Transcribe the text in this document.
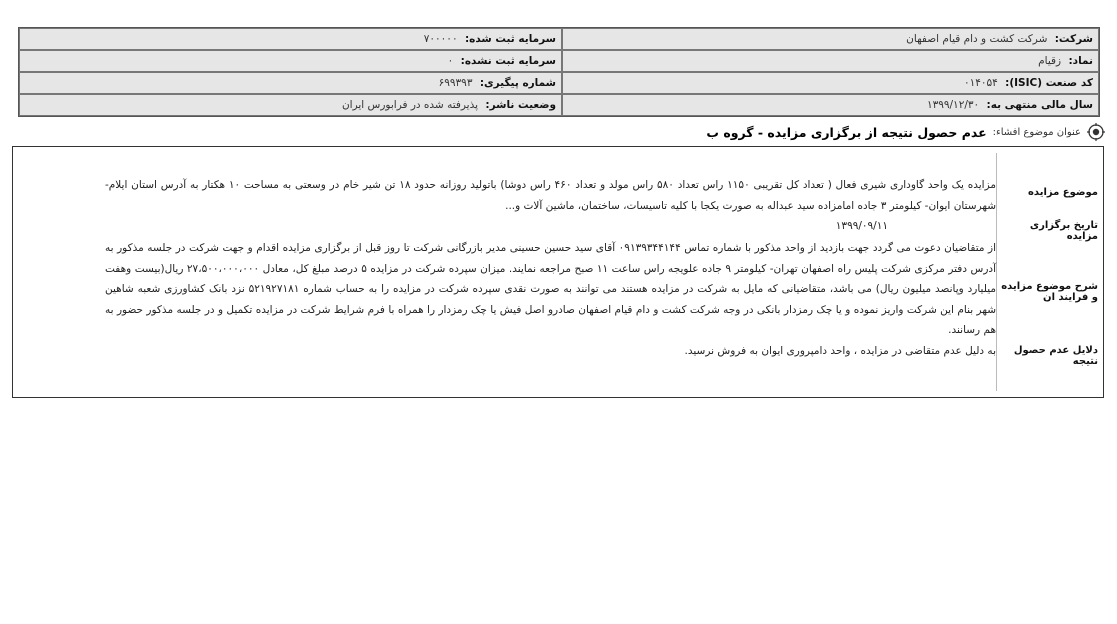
شرکت: شرکت کشت و دام قیام اصفهان
سرمایه ثبت شده: ۷۰۰۰۰۰
نماد: زقیام
سرمایه ثبت نشده: ۰
کد صنعت (ISIC): ۰۱۴۰۵۴
شماره پیگیری: ۶۹۹۳۹۳
سال مالی منتهی به: ۱۳۹۹/۱۲/۳۰
وضعیت ناشر: پذیرفته شده در فرابورس ایران
عنوان موضوع افشاء:
عدم حصول نتیجه از برگزاری مزایده - گروه ب
موضوع مزایده
مزایده یک واحد گاوداری شیری فعال ( تعداد کل تقریبی ۱۱۵۰ راس تعداد ۵۸۰ راس مولد و تعداد ۴۶۰ راس دوشا) باتولید روزانه حدود ۱۸ تن شیر خام در وسعتی به مساحت ۱۰ هکتار به آدرس استان ایلام- شهرستان ایوان- کیلومتر ۳ جاده امامزاده سید عبداله به صورت یکجا با کلیه تاسیسات، ساختمان، ماشین آلات و...
تاریخ برگزاری مزایده
۱۳۹۹/۰۹/۱۱
شرح موضوع مزایده و فرایند ان
از متقاضیان دعوت می گردد جهت بازدید از واحد مذکور با شماره تماس ۰۹۱۳۹۳۴۴۱۴۴ آقای سید حسین حسینی مدیر بازرگانی شرکت تا روز قبل از برگزاری مزایده اقدام و جهت شرکت در جلسه مذکور به آدرس دفتر مرکزی شرکت پلیس راه اصفهان تهران- کیلومتر ۹ جاده علویجه راس ساعت ۱۱ صبح مراجعه نمایند. میزان سپرده شرکت در مزایده ۵ درصد مبلغ کل، معادل ۲۷،۵۰۰،۰۰۰،۰۰۰ ریال(بیست وهفت میلیارد وپانصد میلیون ریال) می باشد، متقاضیانی که مایل به شرکت در مزایده هستند می توانند به صورت نقدی سپرده شرکت در مزایده را به حساب شماره ۵۲۱۹۲۷۱۸۱ نزد بانک کشاورزی شعبه شاهین شهر بنام این شرکت واریز نموده و یا چک رمزدار بانکی در وجه شرکت کشت و دام قیام اصفهان صادرو اصل فیش یا چک رمزدار را همراه با فرم شرایط شرکت در مزایده تکمیل و در جلسه مذکور حضور به هم رسانند.
دلایل عدم حصول نتیجه
به دلیل عدم متقاضی در مزایده ، واحد دامپروری ایوان به فروش نرسید.
